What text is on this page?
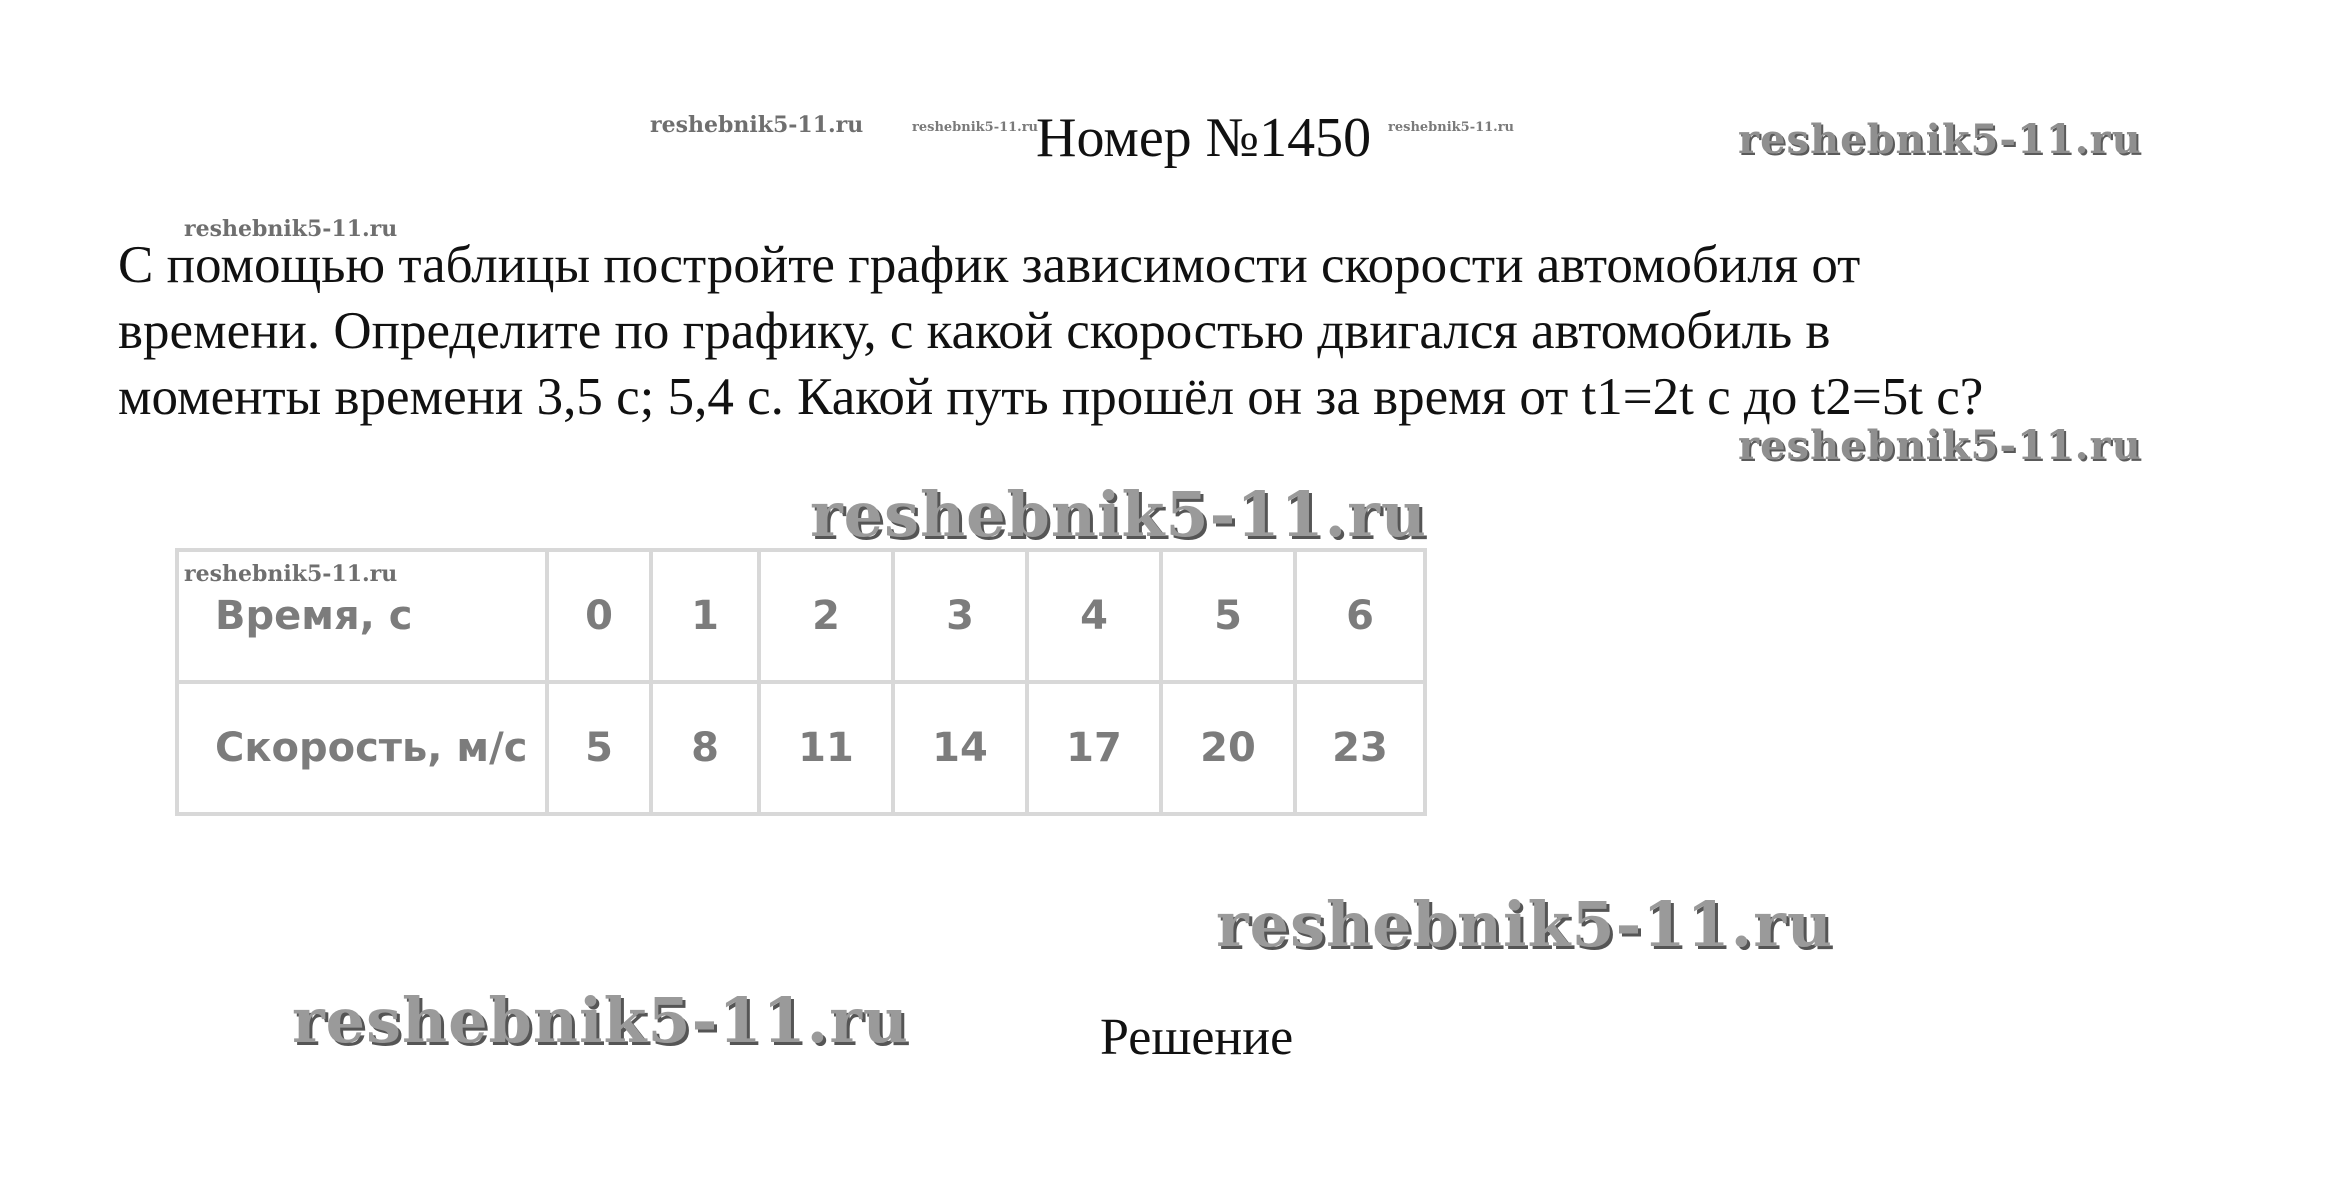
reshebnik5-11.ru	reshebnik5-11.ru	reshebnik5-11.ru	reshebnik5-11.ru
reshebnik5-11.ru
reshebnik5-11.ru
reshebnik5-11.ru
reshebnik5-11.ru
reshebnik5-11.ru
reshebnik5-11.ru
Номер №1450

С помощью таблицы постройте график зависимости скорости автомобиля от

времени. Определите по графику, с какой скоростью двигался автомобиль в

моменты времени 3,5 с; 5,4 с. Какой путь прошёл он за время от t1=2t с до t2=5t с?

Время, с	0	1	2	3	4	5	6
Скорость, м/с	5	8	11	14	17	20	23
Решение
